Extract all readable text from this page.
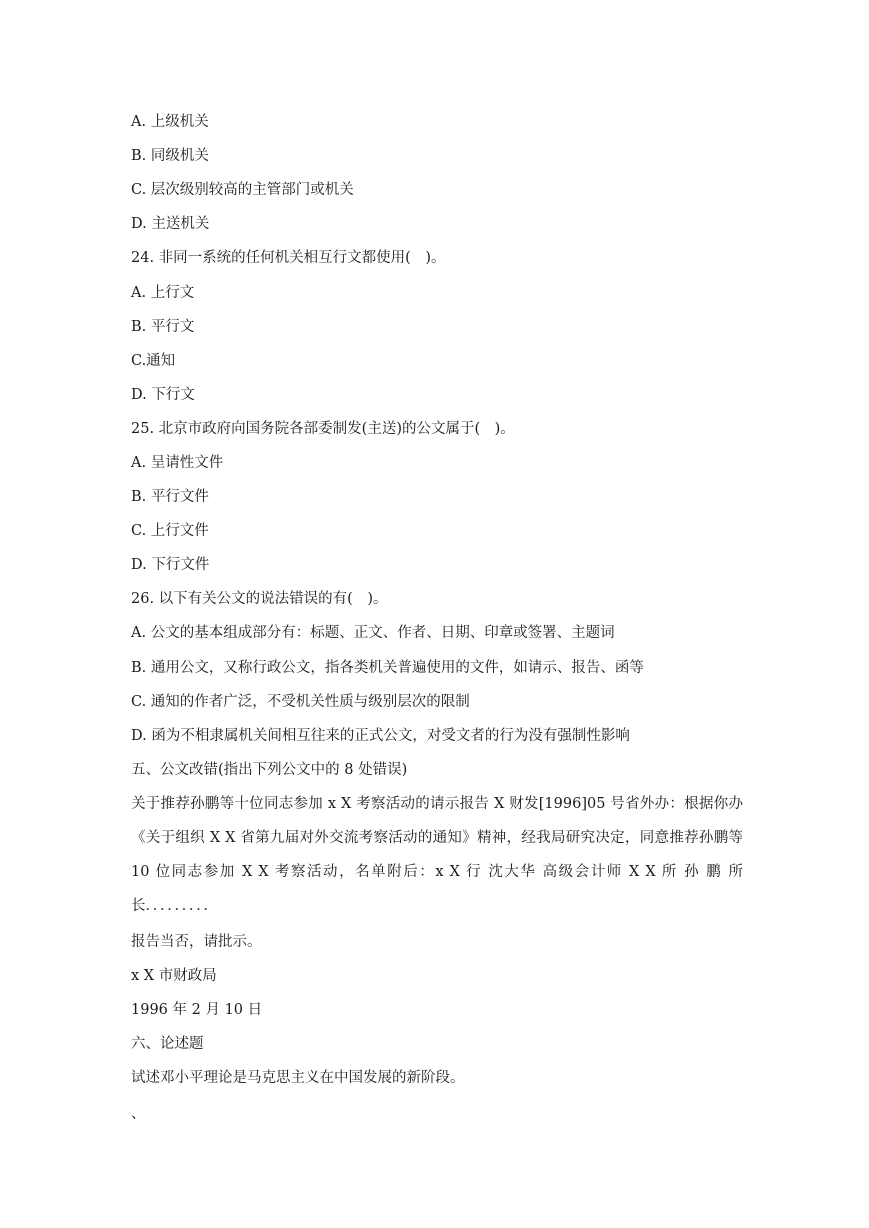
A. 上级机关
B. 同级机关
C. 层次级别较高的主管部门或机关
D. 主送机关
24. 非同一系统的任何机关相互行文都使用(　)。
A. 上行文
B. 平行文
C.通知
D. 下行文
25. 北京市政府向国务院各部委制发(主送)的公文属于(　)。
A. 呈请性文件
B. 平行文件
C. 上行文件
D. 下行文件
26. 以下有关公文的说法错误的有(　)。
A. 公文的基本组成部分有：标题、正文、作者、日期、印章或签署、主题词
B. 通用公文，又称行政公文，指各类机关普遍使用的文件，如请示、报告、函等
C. 通知的作者广泛，不受机关性质与级别层次的限制
D. 函为不相隶属机关间相互往来的正式公文，对受文者的行为没有强制性影响
五、公文改错(指出下列公文中的 8 处错误)
关于推荐孙鹏等十位同志参加 x X 考察活动的请示报告 X 财发[1996]05 号省外办：根据你办《关于组织 X X 省第九届对外交流考察活动的通知》精神，经我局研究决定，同意推荐孙鹏等 10 位同志参加 X X 考察活动，名单附后：x X 行 沈大华 高级会计师 X X 所 孙 鹏 所长．．．．．．．．．
报告当否，请批示。
x X 市财政局
1996 年 2 月 10 日
六、论述题
试述邓小平理论是马克思主义在中国发展的新阶段。
、
